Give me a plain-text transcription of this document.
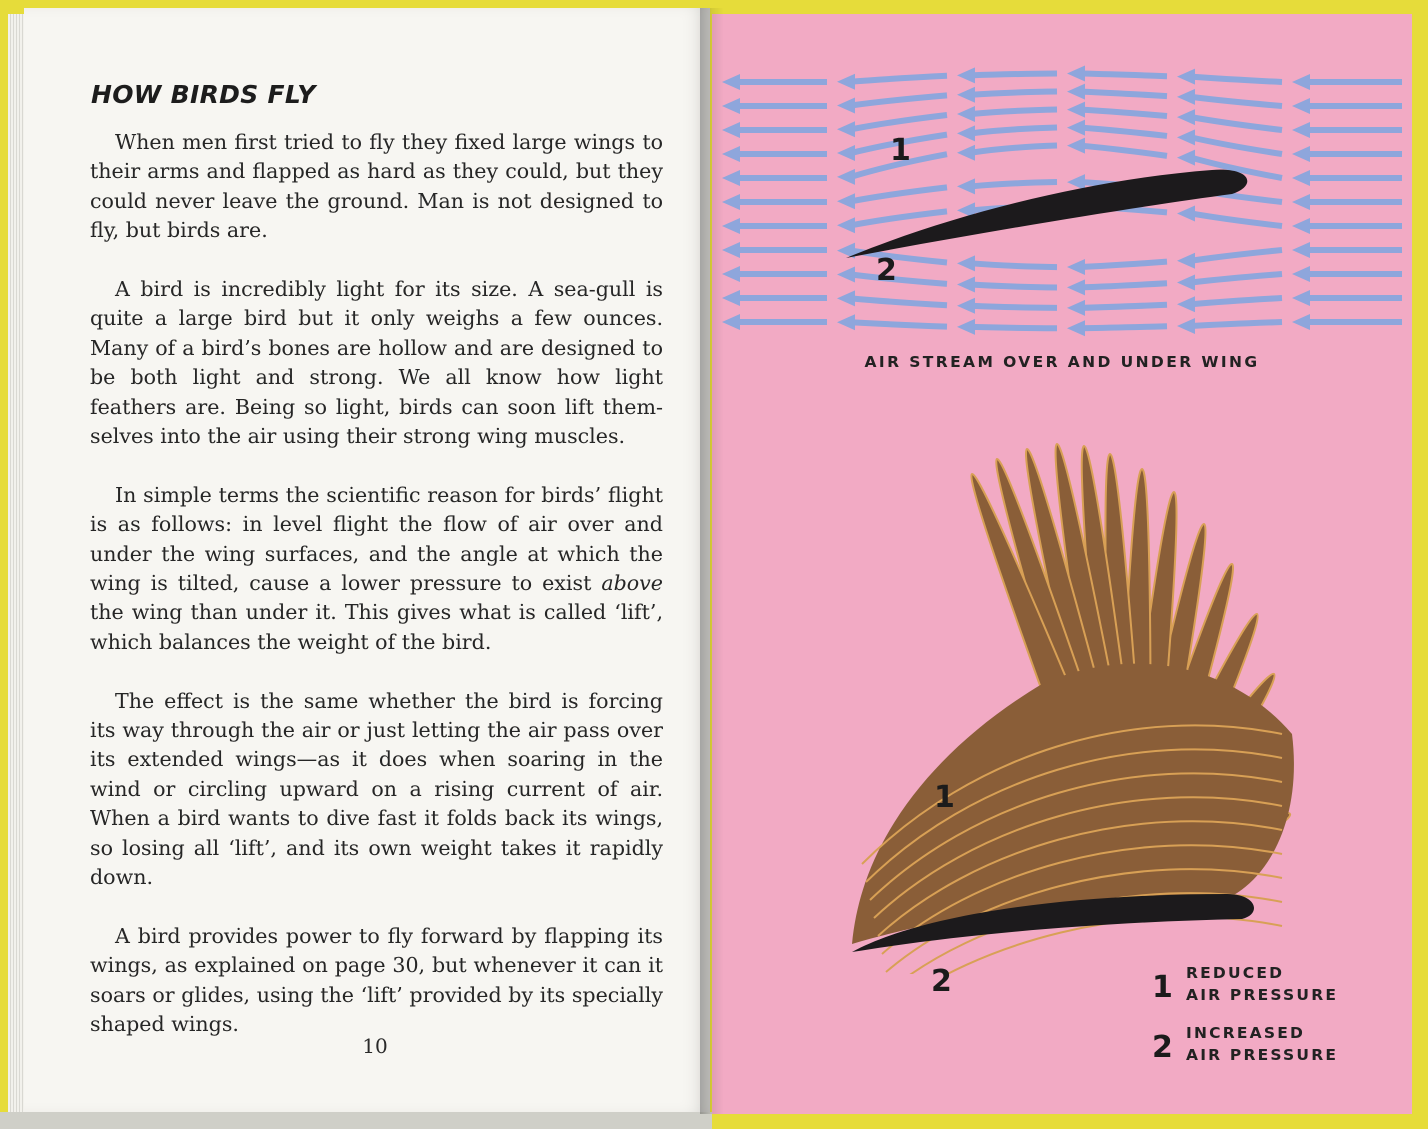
HOW BIRDS FLY

When men first tried to fly they fixed large wings to their arms and flapped as hard as they could, but they could never leave the ground. Man is not designed to fly, but birds are.

A bird is incredibly light for its size. A sea-gull is quite a large bird but it only weighs a few ounces. Many of a bird’s bones are hollow and are designed to be both light and strong. We all know how light feathers are. Being so light, birds can soon lift themselves into the air using their strong wing muscles.

In simple terms the scientific reason for birds’ flight is as follows: in level flight the flow of air over and under the wing surfaces, and the angle at which the wing is tilted, cause a lower pressure to exist above the wing than under it. This gives what is called ‘lift’, which balances the weight of the bird.

The effect is the same whether the bird is forcing its way through the air or just letting the air pass over its extended wings—as it does when soaring in the wind or circling upward on a rising current of air. When a bird wants to dive fast it folds back its wings, so losing all ‘lift’, and its own weight takes it rapidly down.

A bird provides power to fly forward by flapping its wings, as explained on page 30, but whenever it can it soars or glides, using the ‘lift’ provided by its specially shaped wings.

10
1
2

AIR STREAM OVER AND UNDER WING

1
2	1 REDUCED
AIR PRESSURE
2 INCREASED
AIR PRESSURE
